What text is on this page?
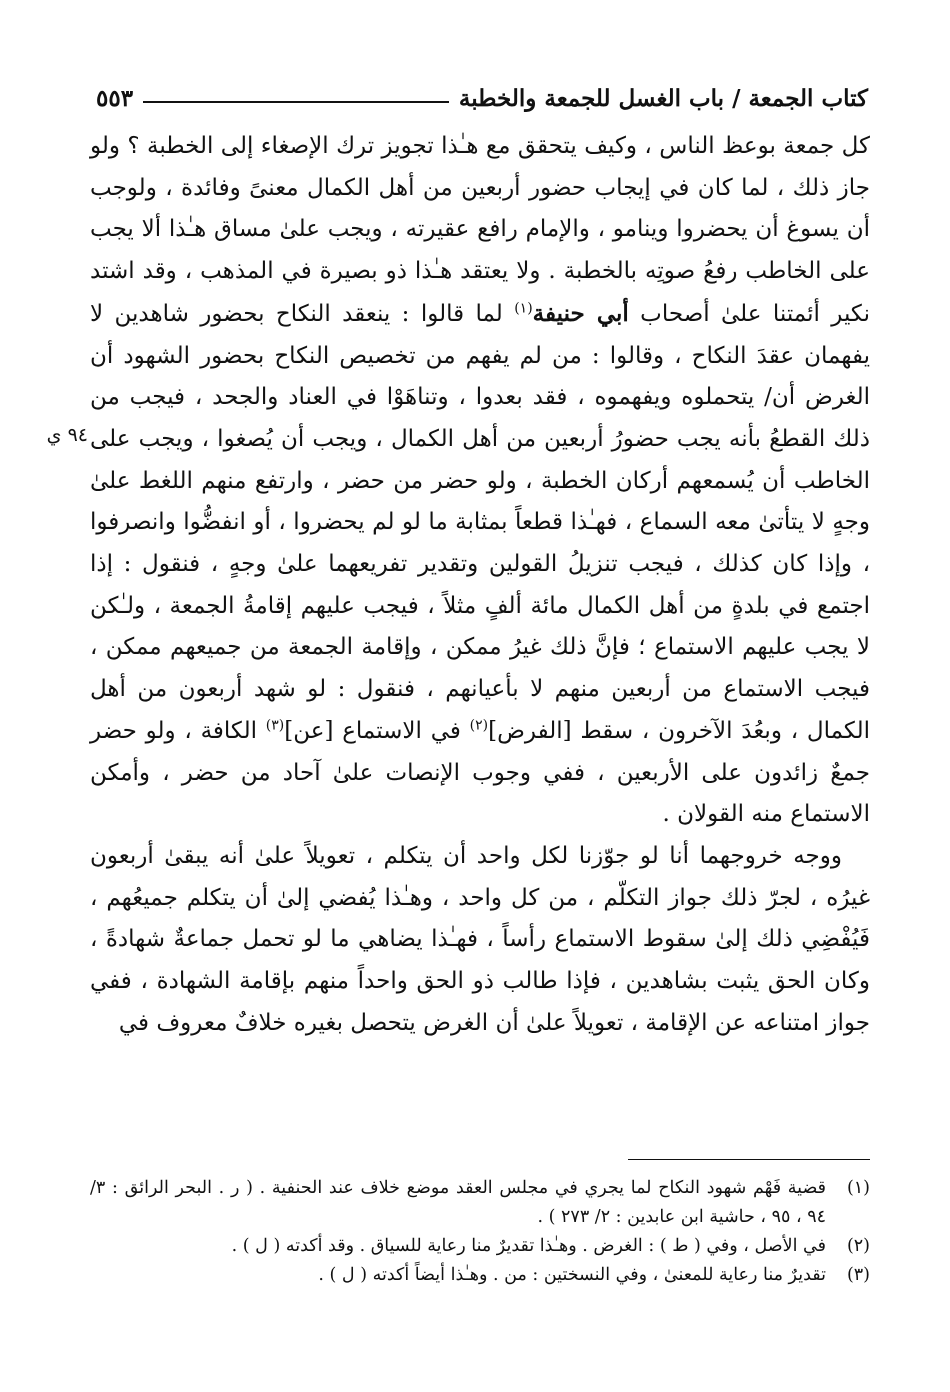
كتاب الجمعة / باب الغسل للجمعة والخطبة
٥٥٣
٩٤ ي

كل جمعة بوعظ الناس ، وكيف يتحقق مع هـٰذا تجويز ترك الإصغاء إلى الخطبة ؟ ولو جاز ذلك ، لما كان في إيجاب حضور أربعين من أهل الكمال معنىً وفائدة ، ولوجب أن يسوغ أن يحضروا وينامو ، والإمام رافع عقيرته ، ويجب علىٰ مساق هـٰذا ألا يجب على الخاطب رفعُ صوتِه بالخطبة . ولا يعتقد هـٰذا ذو بصيرة في المذهب ، وقد اشتد نكير أئمتنا علىٰ أصحاب أبي حنيفة$^{(١)}$ لما قالوا : ينعقد النكاح بحضور شاهدين لا يفهمان عقدَ النكاح ، وقالوا : من لم يفهم من تخصيص النكاح بحضور الشهود أن الغرض أن/ يتحملوه ويفهموه ، فقد بعدوا ، وتناهَوْا في العناد والجحد ، فيجب من ذلك القطعُ بأنه يجب حضورُ أربعين من أهل الكمال ، ويجب أن يُصغوا ، ويجب على الخاطب أن يُسمعهم أركان الخطبة ، ولو حضر من حضر ، وارتفع منهم اللغط علىٰ وجهٍ لا يتأتىٰ معه السماع ، فهـٰذا قطعاً بمثابة ما لو لم يحضروا ، أو انفضُّوا وانصرفوا ، وإذا كان كذلك ، فيجب تنزيلُ القولين وتقدير تفريعهما علىٰ وجهٍ ، فنقول : إذا اجتمع في بلدةٍ من أهل الكمال مائة ألفٍ مثلاً ، فيجب عليهم إقامةُ الجمعة ، ولـٰكن لا يجب عليهم الاستماع ؛ فإنَّ ذلك غيرُ ممكن ، وإقامة الجمعة من جميعهم ممكن ، فيجب الاستماع من أربعين منهم لا بأعيانهم ، فنقول : لو شهد أربعون من أهل الكمال ، وبعُدَ الآخرون ، سقط [الفرض]$^{(٢)}$ في الاستماع [عن]$^{(٣)}$ الكافة ، ولو حضر جمعٌ زائدون على الأربعين ، ففي وجوب الإنصات علىٰ آحاد من حضر ، وأمكن الاستماع منه القولان .

ووجه خروجهما أنا لو جوّزنا لكل واحد أن يتكلم ، تعويلاً علىٰ أنه يبقىٰ أربعون غيرُه ، لجرّ ذلك جواز التكلّم ، من كل واحد ، وهـٰذا يُفضي إلىٰ أن يتكلم جميعُهم ، فَيُفْضِي ذلك إلىٰ سقوط الاستماع رأساً ، فهـٰذا يضاهي ما لو تحمل جماعةٌ شهادةً ، وكان الحق يثبت بشاهدين ، فإذا طالب ذو الحق واحداً منهم بإقامة الشهادة ، ففي جواز امتناعه عن الإقامة ، تعويلاً علىٰ أن الغرض يتحصل بغيره خلافٌ معروف في

(١)
قضية فَهْم شهود النكاح لما يجري في مجلس العقد موضع خلاف عند الحنفية . ( ر . البحر الرائق : ٣/ ٩٤ ، ٩٥ ، حاشية ابن عابدين : ٢/ ٢٧٣ ) .
(٢)
في الأصل ، وفي ( ط ) : الغرض . وهـٰذا تقديرٌ منا رعاية للسياق . وقد أكدته ( ل ) .
(٣)
تقديرٌ منا رعاية للمعنىٰ ، وفي النسختين : من . وهـٰذا أيضاً أكدته ( ل ) .
